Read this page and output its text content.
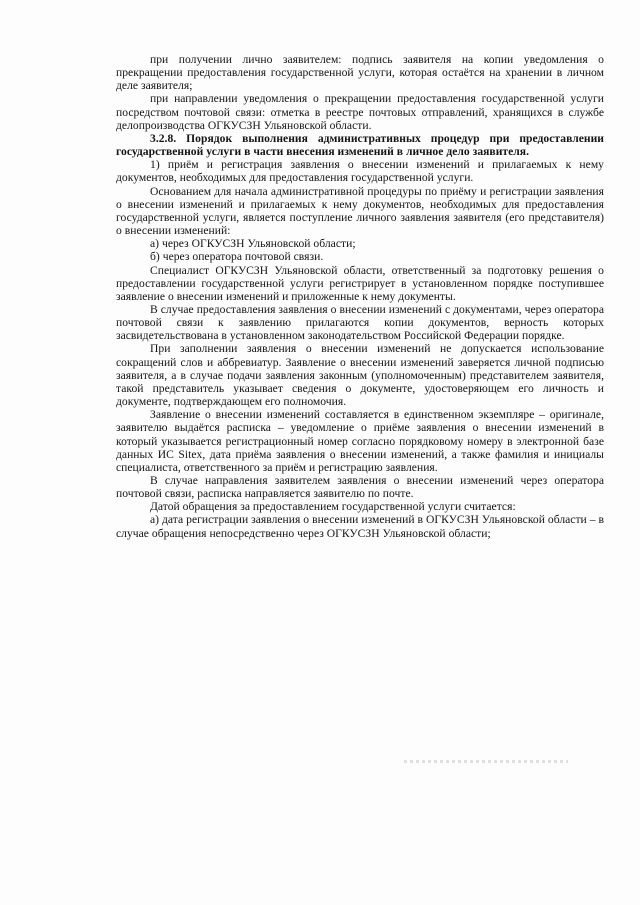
при получении лично заявителем: подпись заявителя на копии уведомления о прекращении предоставления государственной услуги, которая остаётся на хранении в личном деле заявителя;

при направлении уведомления о прекращении предоставления государственной услуги посредством почтовой связи: отметка в реестре почтовых отправлений, хранящихся в службе делопроизводства ОГКУСЗН Ульяновской области.

3.2.8. Порядок выполнения административных процедур при предоставлении государственной услуги в части внесения изменений в личное дело заявителя.

1) приём и регистрация заявления о внесении изменений и прилагаемых к нему документов, необходимых для предоставления государственной услуги.

Основанием для начала административной процедуры по приёму и регистрации заявления о внесении изменений и прилагаемых к нему документов, необходимых для предоставления государственной услуги, является поступление личного заявления заявителя (его представителя) о внесении изменений:

а) через ОГКУСЗН Ульяновской области;

б) через оператора почтовой связи.

Специалист ОГКУСЗН Ульяновской области, ответственный за подготовку решения о предоставлении государственной услуги регистрирует в установленном порядке поступившее заявление о внесении изменений и приложенные к нему документы.

В случае предоставления заявления о внесении изменений с документами, через оператора почтовой связи к заявлению прилагаются копии документов, верность которых засвидетельствована в установленном законодательством Российской Федерации порядке.

При заполнении заявления о внесении изменений не допускается использование сокращений слов и аббревиатур. Заявление о внесении изменений заверяется личной подписью заявителя, а в случае подачи заявления законным (уполномоченным) представителем заявителя, такой представитель указывает сведения о документе, удостоверяющем его личность и документе, подтверждающем его полномочия.

Заявление о внесении изменений составляется в единственном экземпляре – оригинале, заявителю выдаётся расписка – уведомление о приёме заявления о внесении изменений в который указывается регистрационный номер согласно порядковому номеру в электронной базе данных ИС Sitex, дата приёма заявления о внесении изменений, а также фамилия и инициалы специалиста, ответственного за приём и регистрацию заявления.

В случае направления заявителем заявления о внесении изменений через оператора почтовой связи, расписка направляется заявителю по почте.

Датой обращения за предоставлением государственной услуги считается:

а) дата регистрации заявления о внесении изменений в ОГКУСЗН Ульяновской области – в случае обращения непосредственно через ОГКУСЗН Ульяновской области;
